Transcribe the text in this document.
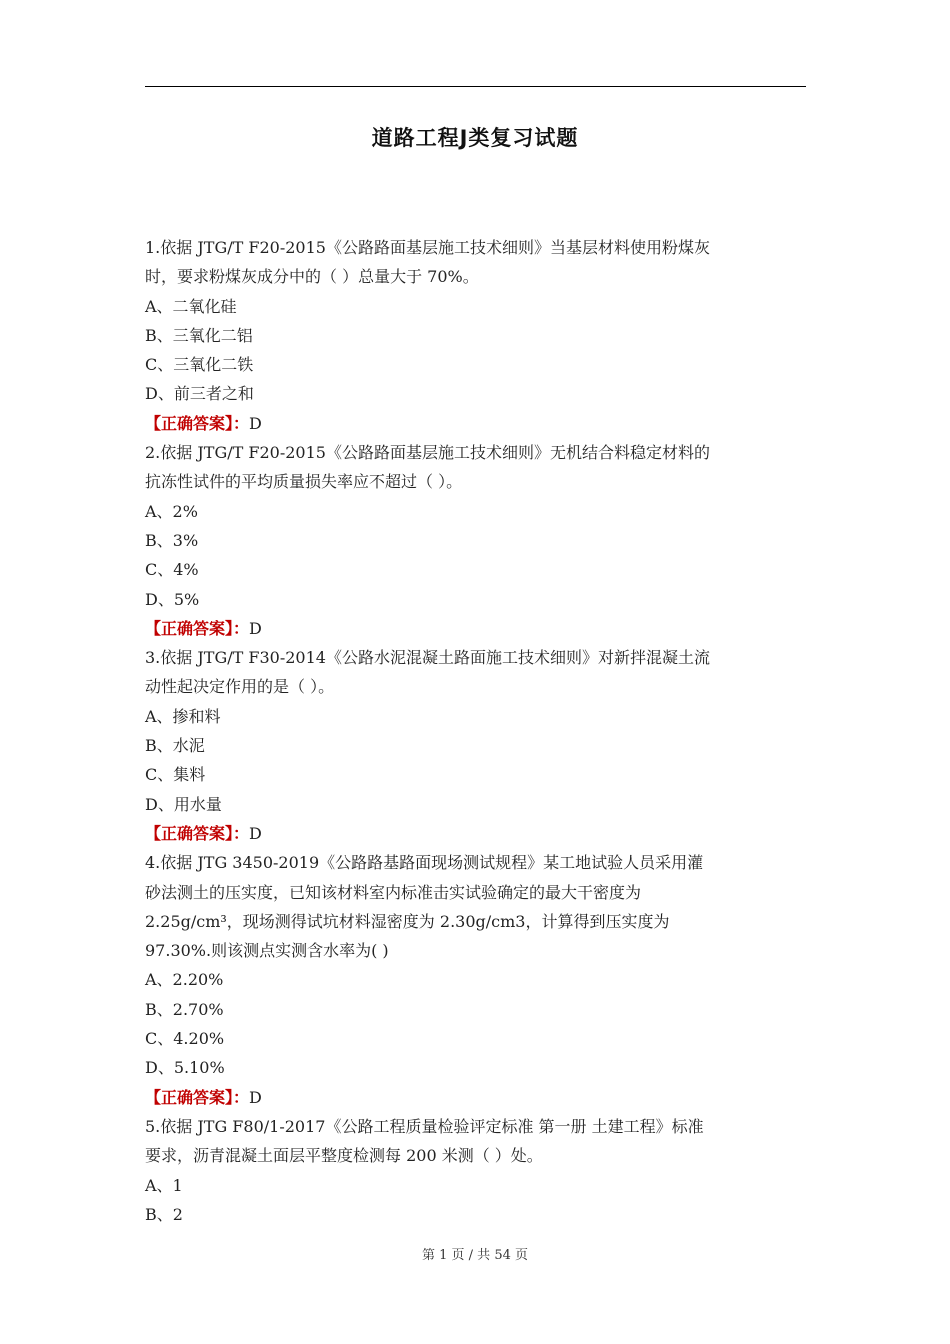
道路工程J类复习试题
1.依据 JTG/T F20-2015《公路路面基层施工技术细则》当基层材料使用粉煤灰
时，要求粉煤灰成分中的（ ）总量大于 70%。
A、二氧化硅
B、三氧化二铝
C、三氧化二铁
D、前三者之和
【正确答案】：D
2.依据 JTG/T F20-2015《公路路面基层施工技术细则》无机结合料稳定材料的
抗冻性试件的平均质量损失率应不超过（ ）。
A、2%
B、3%
C、4%
D、5%
【正确答案】：D
3.依据 JTG/T F30-2014《公路水泥混凝土路面施工技术细则》对新拌混凝土流
动性起决定作用的是（ ）。
A、掺和料
B、水泥
C、集料
D、用水量
【正确答案】：D
4.依据 JTG 3450-2019《公路路基路面现场测试规程》某工地试验人员采用灌
砂法测土的压实度，已知该材料室内标准击实试验确定的最大干密度为
2.25g/cm³，现场测得试坑材料湿密度为 2.30g/cm3，计算得到压实度为
97.30%.则该测点实测含水率为( )
A、2.20%
B、2.70%
C、4.20%
D、5.10%
【正确答案】：D
5.依据 JTG F80/1-2017《公路工程质量检验评定标准 第一册 土建工程》标准
要求，沥青混凝土面层平整度检测每 200 米测（ ）处。
A、1
B、2
第 1 页 / 共 54 页
